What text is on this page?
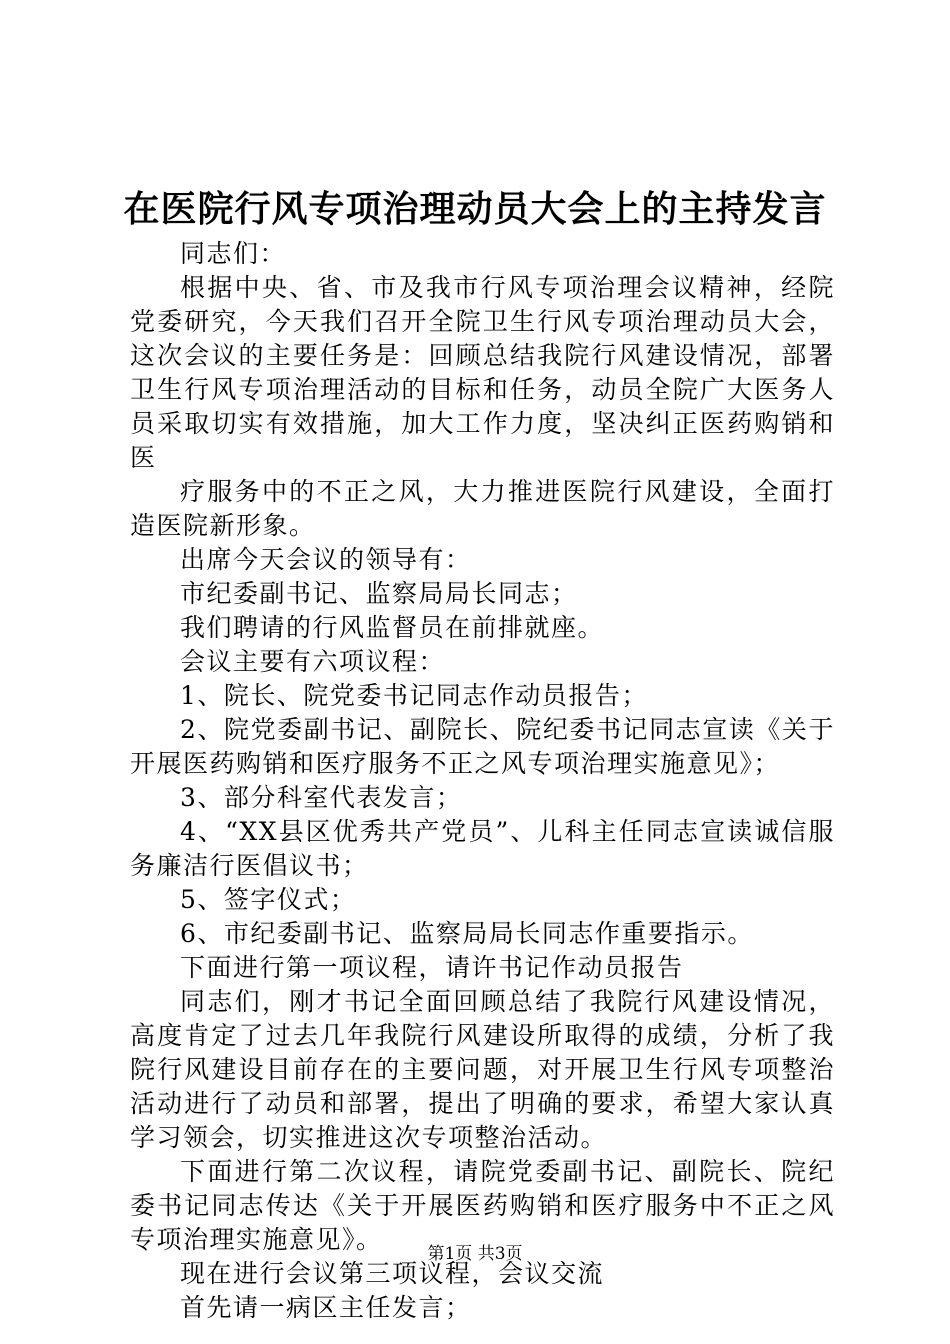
在医院行风专项治理动员大会上的主持发言

同志们：

根据中央、省、市及我市行风专项治理会议精神，经院党委研究，今天我们召开全院卫生行风专项治理动员大会，这次会议的主要任务是：回顾总结我院行风建设情况，部署卫生行风专项治理活动的目标和任务，动员全院广大医务人员采取切实有效措施，加大工作力度，坚决纠正医药购销和医

疗服务中的不正之风，大力推进医院行风建设，全面打造医院新形象。

出席今天会议的领导有：

市纪委副书记、监察局局长同志；

我们聘请的行风监督员在前排就座。

会议主要有六项议程：

1、院长、院党委书记同志作动员报告；

2、院党委副书记、副院长、院纪委书记同志宣读《关于开展医药购销和医疗服务不正之风专项治理实施意见》；

3、部分科室代表发言；

4、“XX县区优秀共产党员”、儿科主任同志宣读诚信服务廉洁行医倡议书；

5、签字仪式；

6、市纪委副书记、监察局局长同志作重要指示。

下面进行第一项议程，请许书记作动员报告

同志们，刚才书记全面回顾总结了我院行风建设情况，高度肯定了过去几年我院行风建设所取得的成绩，分析了我院行风建设目前存在的主要问题，对开展卫生行风专项整治活动进行了动员和部署，提出了明确的要求，希望大家认真学习领会，切实推进这次专项整治活动。

下面进行第二次议程，请院党委副书记、副院长、院纪委书记同志传达《关于开展医药购销和医疗服务中不正之风专项治理实施意见》。

现在进行会议第三项议程，会议交流

首先请一病区主任发言；

第1页 共3页
